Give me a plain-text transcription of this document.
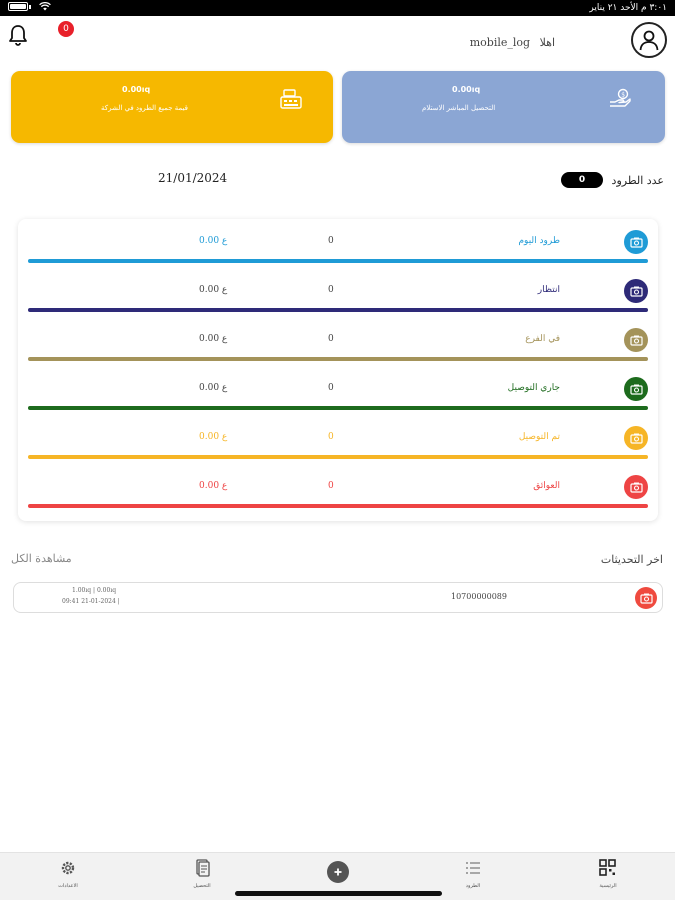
٣:٠١ م الأحد ٢١ يناير
0
اهلا mobile_log
0.00ıq
قيمة جميع الطرود في الشركة
0.00ıq
التحصيل المباشر الاستلام
$
21/01/2024	0	عدد الطرود
طرود اليوم
0
0.00 ع
انتظار
0
0.00 ع
في الفرع
0
0.00 ع
جاري التوصيل
0
0.00 ع
تم التوصيل
0
0.00 ع
العوائق
0
0.00 ع
اخر التحديثات
مشاهدة الكل
10700000089
1.00ıq | 0.00ıq
09:41 21-01-2024 |
الاعدادات	التحصيل	الطرود	الرئيسية
